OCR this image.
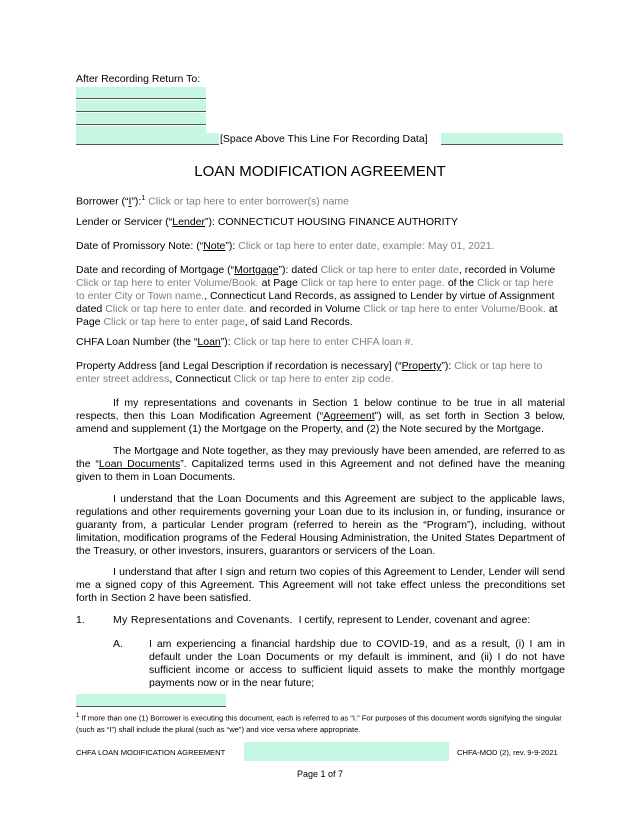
After Recording Return To:
[Space Above This Line For Recording Data]
LOAN MODIFICATION AGREEMENT
Borrower (“I”):$^1$ Click or tap here to enter borrower(s) name
Lender or Servicer (“Lender”): CONNECTICUT HOUSING FINANCE AUTHORITY
Date of Promissory Note: (“Note”): Click or tap here to enter date, example: May 01, 2021.
Date and recording of Mortgage (“Mortgage”): dated Click or tap here to enter date, recorded in Volume Click or tap here to enter Volume/Book. at Page Click or tap here to enter page. of the Click or tap here to enter City or Town name., Connecticut Land Records, as assigned to Lender by virtue of Assignment dated Click or tap here to enter date. and recorded in Volume Click or tap here to enter Volume/Book. at Page Click or tap here to enter page, of said Land Records.
CHFA Loan Number (the “Loan”): Click or tap here to enter CHFA loan #.
Property Address [and Legal Description if recordation is necessary] (“Property”): Click or tap here to enter street address, Connecticut Click or tap here to enter zip code.

If my representations and covenants in Section 1 below continue to be true in all material respects, then this Loan Modification Agreement (“Agreement”) will, as set forth in Section 3 below, amend and supplement (1) the Mortgage on the Property, and (2) the Note secured by the Mortgage.

The Mortgage and Note together, as they may previously have been amended, are referred to as the “Loan Documents”. Capitalized terms used in this Agreement and not defined have the meaning given to them in Loan Documents.

I understand that the Loan Documents and this Agreement are subject to the applicable laws, regulations and other requirements governing your Loan due to its inclusion in, or funding, insurance or guaranty from, a particular Lender program (referred to herein as the “Program”), including, without limitation, modification programs of the Federal Housing Administration, the United States Department of the Treasury, or other investors, insurers, guarantors or servicers of the Loan.

I understand that after I sign and return two copies of this Agreement to Lender, Lender will send me a signed copy of this Agreement. This Agreement will not take effect unless the preconditions set forth in Section 2 have been satisfied.

1.	My Representations and Covenants. I certify, represent to Lender, covenant and agree:
A. I am experiencing a financial hardship due to COVID-19, and as a result, (i) I am in default under the Loan Documents or my default is imminent, and (ii) I do not have sufficient income or access to sufficient liquid assets to make the monthly mortgage payments now or in the near future;

$^1$ If more than one (1) Borrower is executing this document, each is referred to as “I.” For purposes of this document words signifying the singular (such as “I”) shall include the plural (such as “we”) and vice versa where appropriate.
CHFA LOAN MODIFICATION AGREEMENT	CHFA-MOD (2), rev. 9-9-2021
Page 1 of 7
